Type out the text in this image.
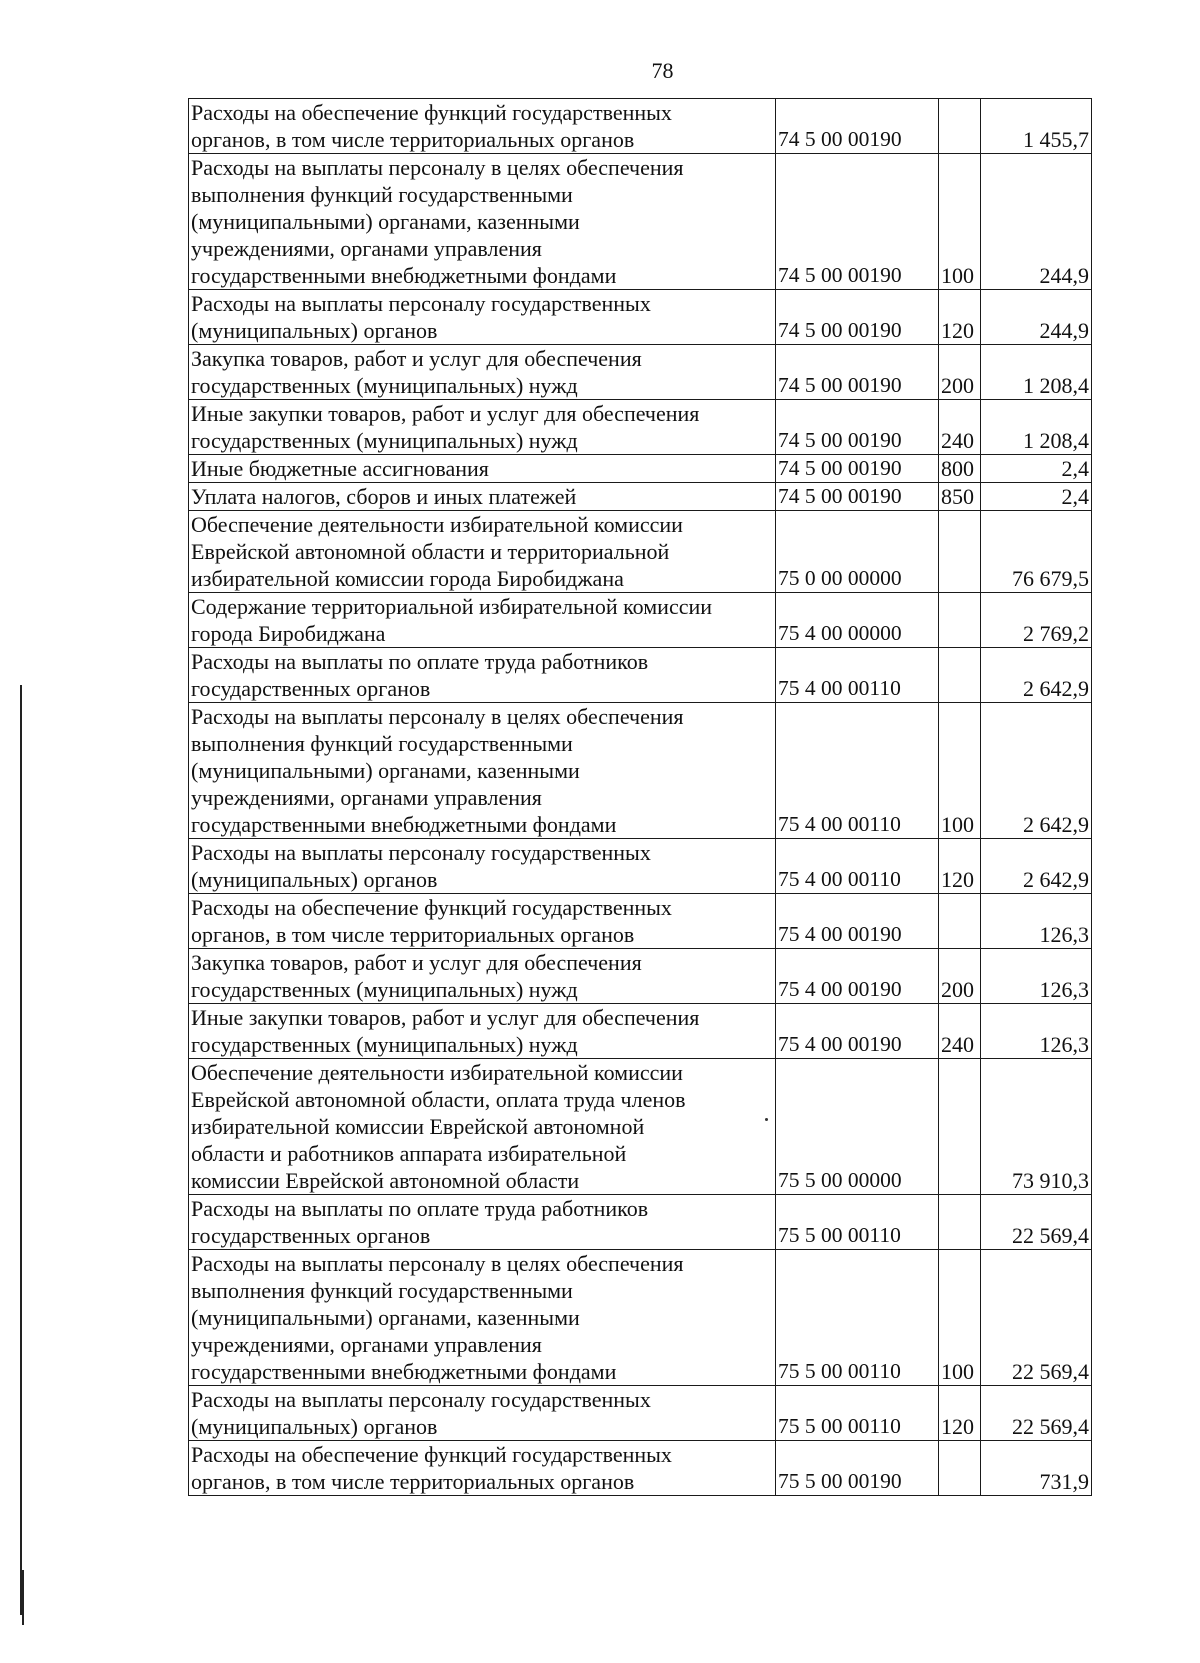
78
Расходы на обеспечение функций государственных
органов, в том числе территориальных органов	74 5 00 00190		1 455,7
Расходы на выплаты персоналу в целях обеспечения
выполнения функций государственными
(муниципальными) органами, казенными
учреждениями, органами управления
государственными внебюджетными фондами	74 5 00 00190	100	244,9
Расходы на выплаты персоналу государственных
(муниципальных) органов	74 5 00 00190	120	244,9
Закупка товаров, работ и услуг для обеспечения
государственных (муниципальных) нужд	74 5 00 00190	200	1 208,4
Иные закупки товаров, работ и услуг для обеспечения
государственных (муниципальных) нужд	74 5 00 00190	240	1 208,4
Иные бюджетные ассигнования	74 5 00 00190	800	2,4
Уплата налогов, сборов и иных платежей	74 5 00 00190	850	2,4
Обеспечение деятельности избирательной комиссии
Еврейской автономной области и территориальной
избирательной комиссии города Биробиджана	75 0 00 00000		76 679,5
Содержание территориальной избирательной комиссии
города Биробиджана	75 4 00 00000		2 769,2
Расходы на выплаты по оплате труда работников
государственных органов	75 4 00 00110		2 642,9
Расходы на выплаты персоналу в целях обеспечения
выполнения функций государственными
(муниципальными) органами, казенными
учреждениями, органами управления
государственными внебюджетными фондами	75 4 00 00110	100	2 642,9
Расходы на выплаты персоналу государственных
(муниципальных) органов	75 4 00 00110	120	2 642,9
Расходы на обеспечение функций государственных
органов, в том числе территориальных органов	75 4 00 00190		126,3
Закупка товаров, работ и услуг для обеспечения
государственных (муниципальных) нужд	75 4 00 00190	200	126,3
Иные закупки товаров, работ и услуг для обеспечения
государственных (муниципальных) нужд	75 4 00 00190	240	126,3
Обеспечение деятельности избирательной комиссии
Еврейской автономной области, оплата труда членов
избирательной комиссии Еврейской автономной
области и работников аппарата избирательной
комиссии Еврейской автономной области	75 5 00 00000		73 910,3
Расходы на выплаты по оплате труда работников
государственных органов	75 5 00 00110		22 569,4
Расходы на выплаты персоналу в целях обеспечения
выполнения функций государственными
(муниципальными) органами, казенными
учреждениями, органами управления
государственными внебюджетными фондами	75 5 00 00110	100	22 569,4
Расходы на выплаты персоналу государственных
(муниципальных) органов	75 5 00 00110	120	22 569,4
Расходы на обеспечение функций государственных
органов, в том числе территориальных органов	75 5 00 00190		731,9
